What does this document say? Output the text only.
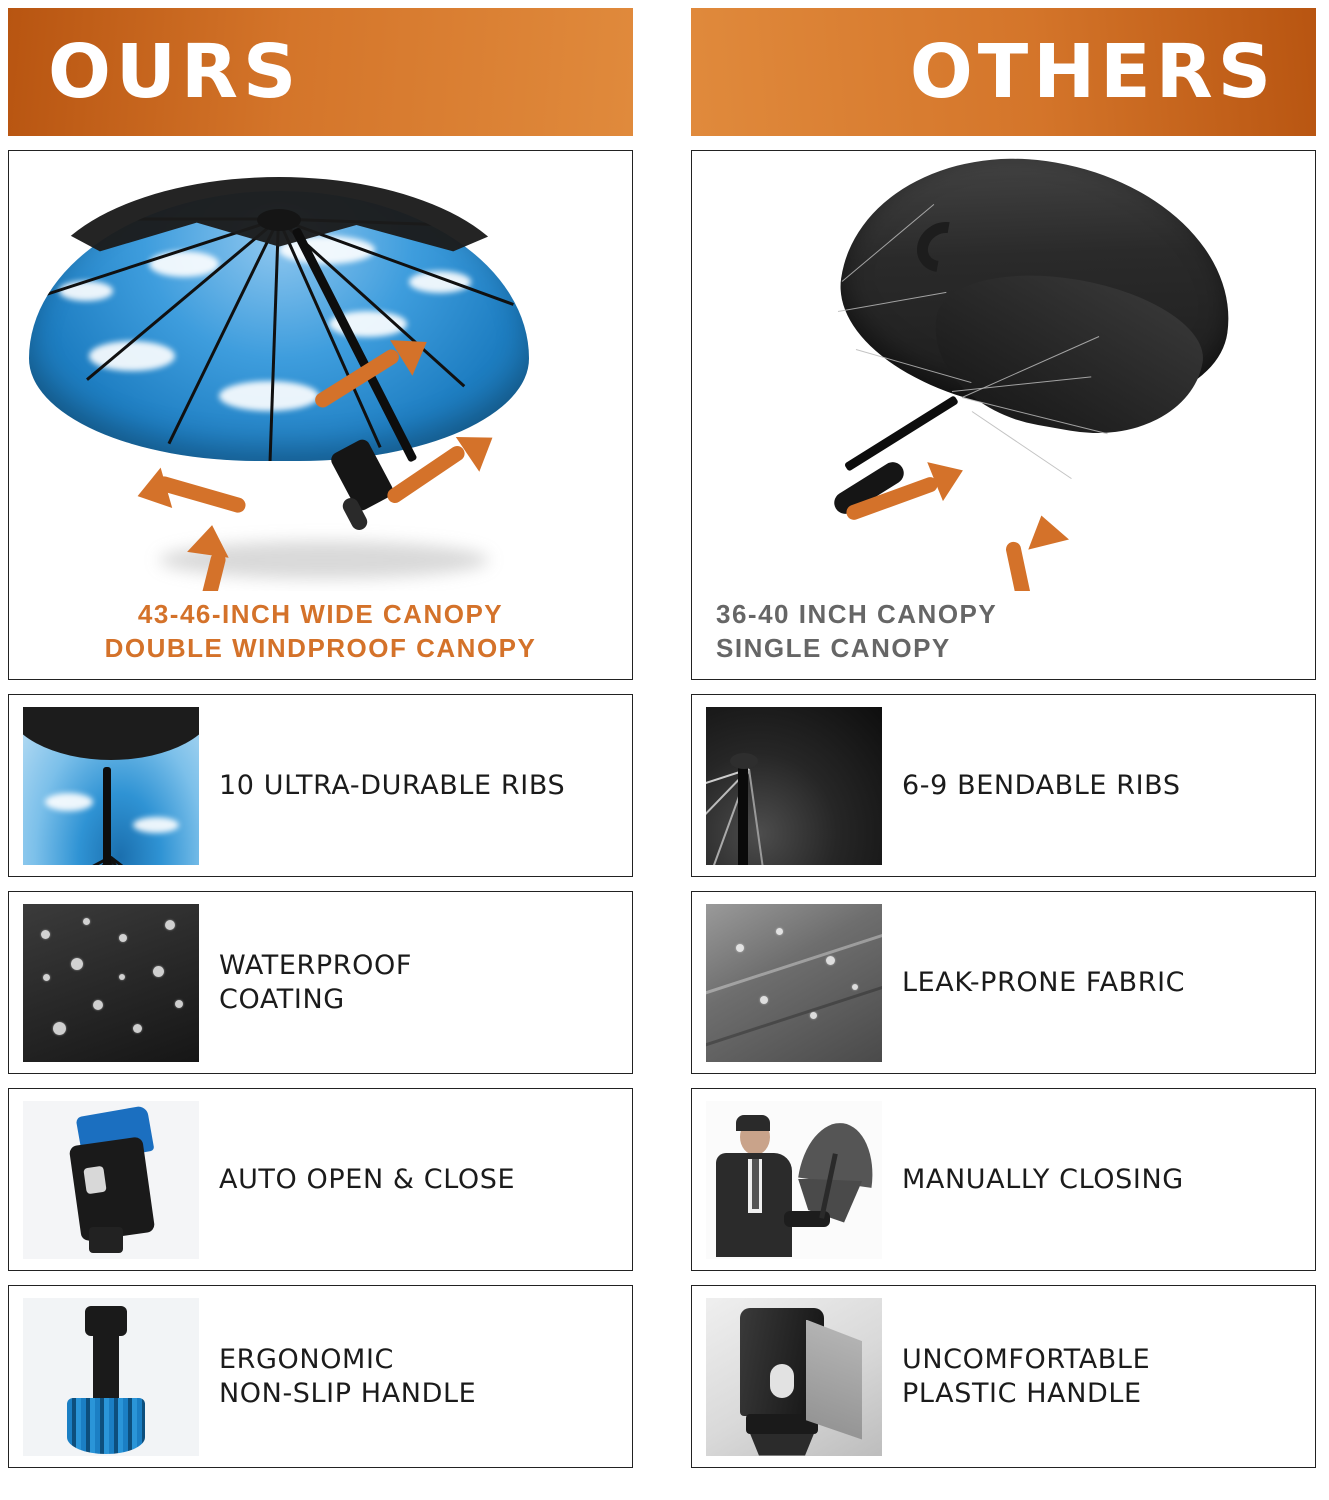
OURS
43-46-INCH WIDE CANOPY
DOUBLE WINDPROOF CANOPY
10 ULTRA-DURABLE RIBS
WATERPROOF
COATING
AUTO OPEN & CLOSE
ERGONOMIC
NON-SLIP HANDLE
OTHERS
36-40 INCH CANOPY
SINGLE CANOPY
6-9 BENDABLE RIBS
LEAK-PRONE FABRIC
MANUALLY CLOSING
UNCOMFORTABLE
PLASTIC HANDLE
